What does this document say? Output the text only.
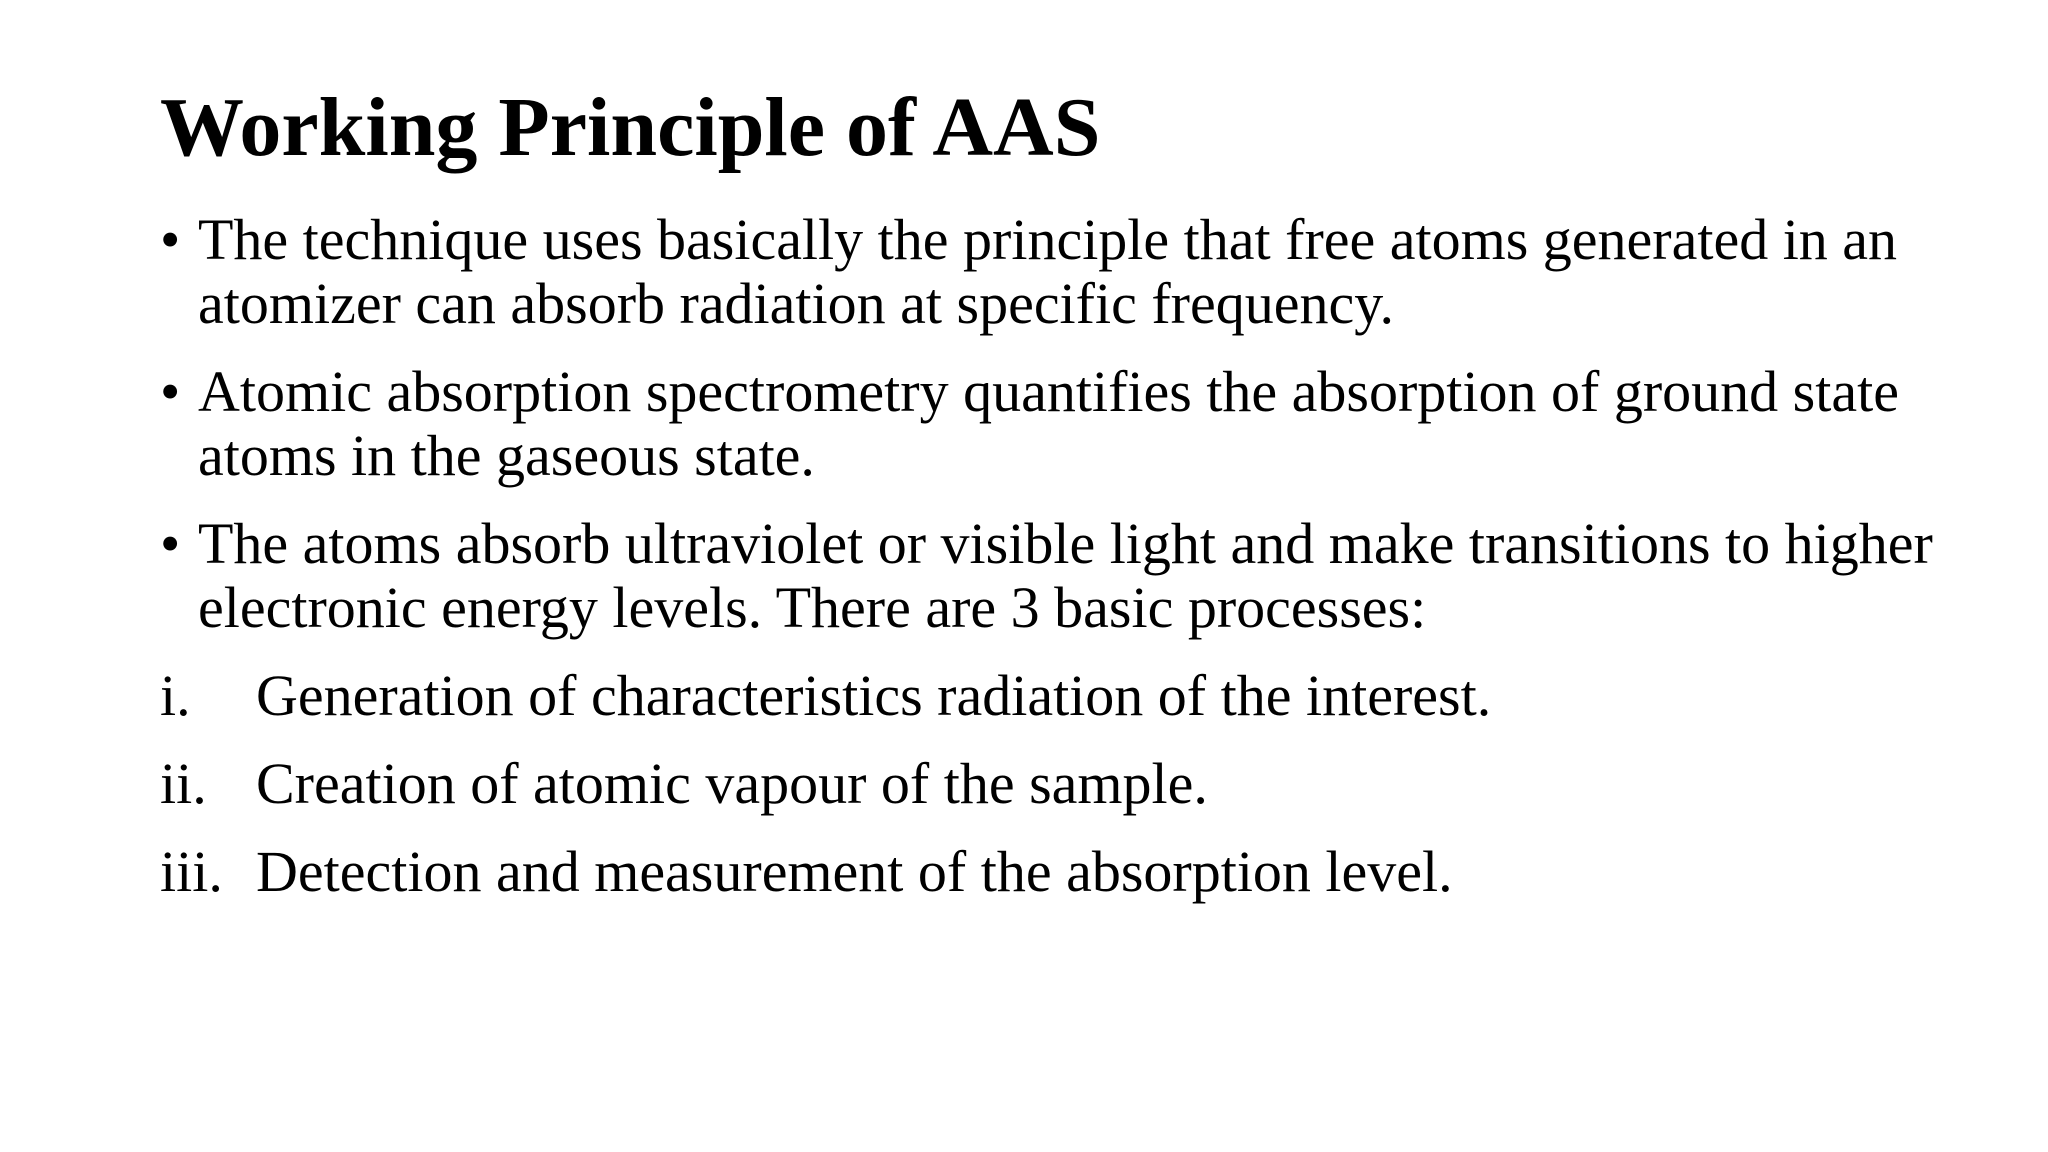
Working Principle of AAS
• The technique uses basically the principle that free atoms generated in an atomizer can absorb radiation at specific frequency.
• Atomic absorption spectrometry quantifies the absorption of ground state atoms in the gaseous state.
• The atoms absorb ultraviolet or visible light and make transitions to higher electronic energy levels. There are 3 basic processes:
i. Generation of characteristics radiation of the interest.
ii. Creation of atomic vapour of the sample.
iii. Detection and measurement of the absorption level.
